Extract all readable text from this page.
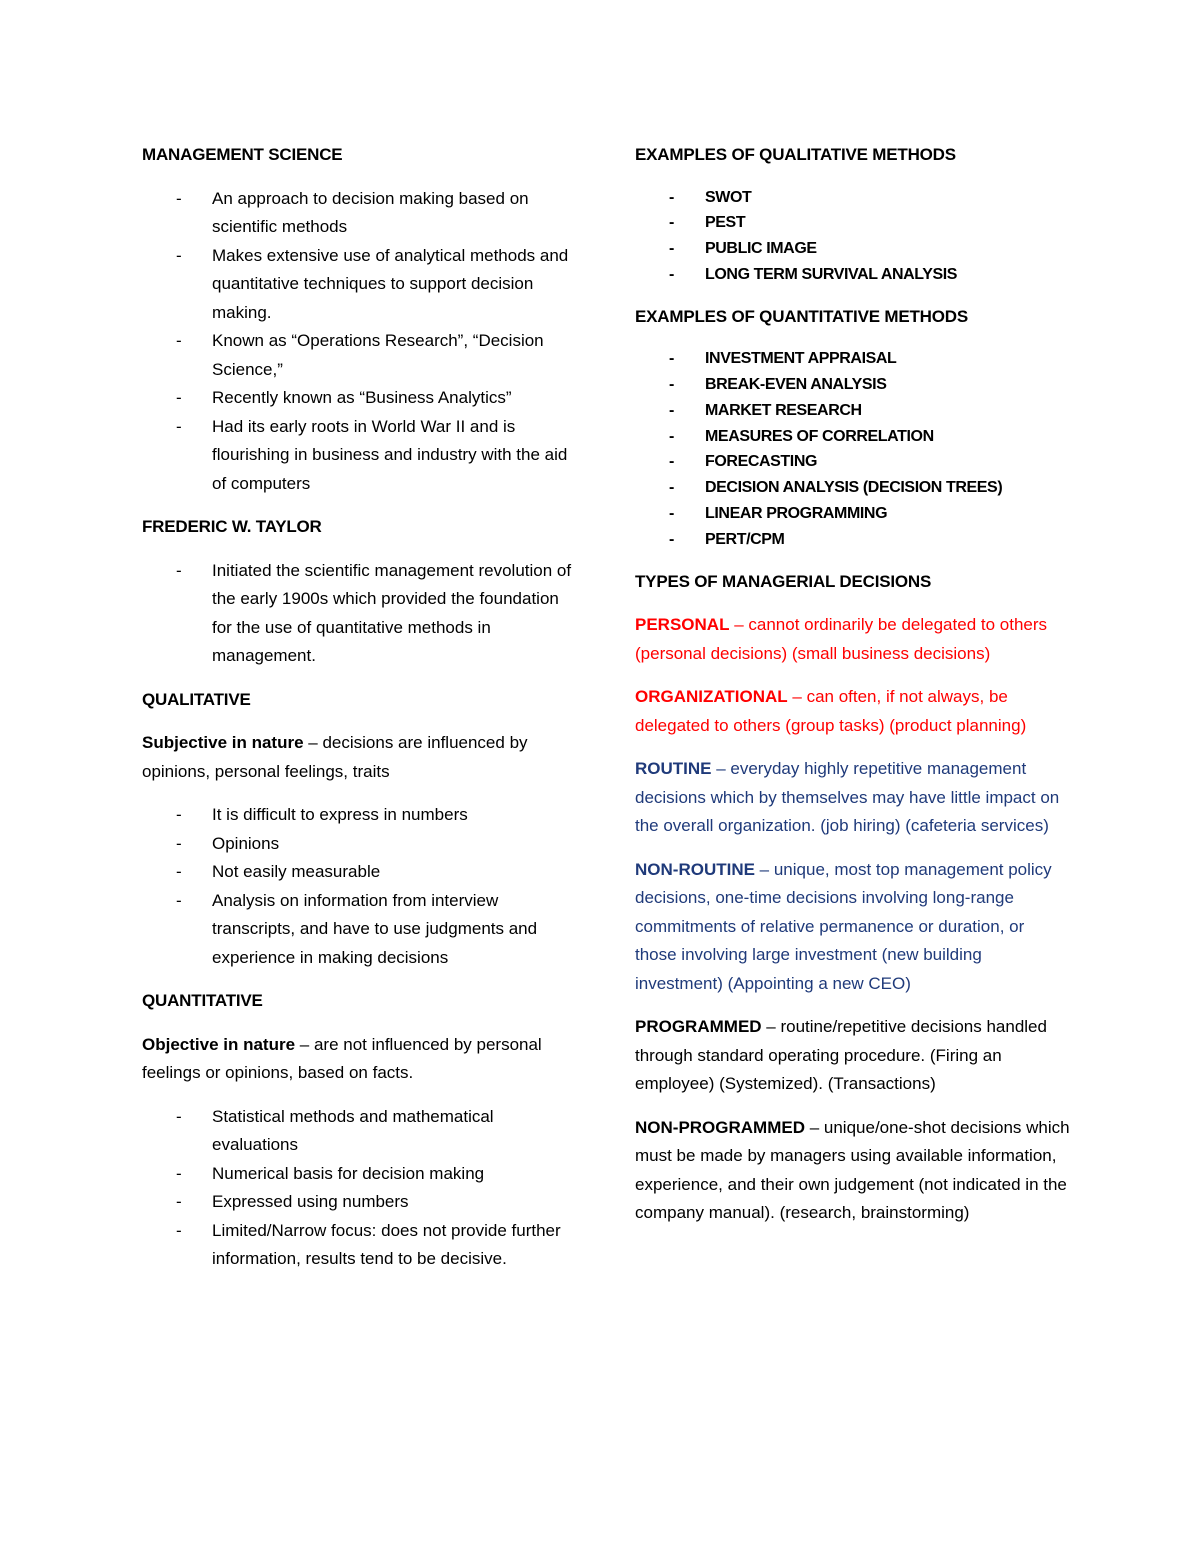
MANAGEMENT SCIENCE
- An approach to decision making based on scientific methods
- Makes extensive use of analytical methods and quantitative techniques to support decision making.
- Known as “Operations Research”, “Decision Science,”
- Recently known as “Business Analytics”
- Had its early roots in World War II and is flourishing in business and industry with the aid of computers
FREDERIC W. TAYLOR
- Initiated the scientific management revolution of the early 1900s which provided the foundation for the use of quantitative methods in management.
QUALITATIVE
Subjective in nature – decisions are influenced by opinions, personal feelings, traits
- It is difficult to express in numbers
- Opinions
- Not easily measurable
- Analysis on information from interview transcripts, and have to use judgments and experience in making decisions
QUANTITATIVE
Objective in nature – are not influenced by personal feelings or opinions, based on facts.
- Statistical methods and mathematical evaluations
- Numerical basis for decision making
- Expressed using numbers
- Limited/Narrow focus: does not provide further information, results tend to be decisive.
EXAMPLES OF QUALITATIVE METHODS
- SWOT
- PEST
- PUBLIC IMAGE
- LONG TERM SURVIVAL ANALYSIS
EXAMPLES OF QUANTITATIVE METHODS
- INVESTMENT APPRAISAL
- BREAK-EVEN ANALYSIS
- MARKET RESEARCH
- MEASURES OF CORRELATION
- FORECASTING
- DECISION ANALYSIS (DECISION TREES)
- LINEAR PROGRAMMING
- PERT/CPM
TYPES OF MANAGERIAL DECISIONS
PERSONAL – cannot ordinarily be delegated to others (personal decisions) (small business decisions)
ORGANIZATIONAL – can often, if not always, be delegated to others (group tasks) (product planning)
ROUTINE – everyday highly repetitive management decisions which by themselves may have little impact on the overall organization. (job hiring) (cafeteria services)
NON-ROUTINE – unique, most top management policy decisions, one-time decisions involving long-range commitments of relative permanence or duration, or those involving large investment (new building investment) (Appointing a new CEO)
PROGRAMMED – routine/repetitive decisions handled through standard operating procedure. (Firing an employee) (Systemized). (Transactions)
NON-PROGRAMMED – unique/one-shot decisions which must be made by managers using available information, experience, and their own judgement (not indicated in the company manual). (research, brainstorming)
